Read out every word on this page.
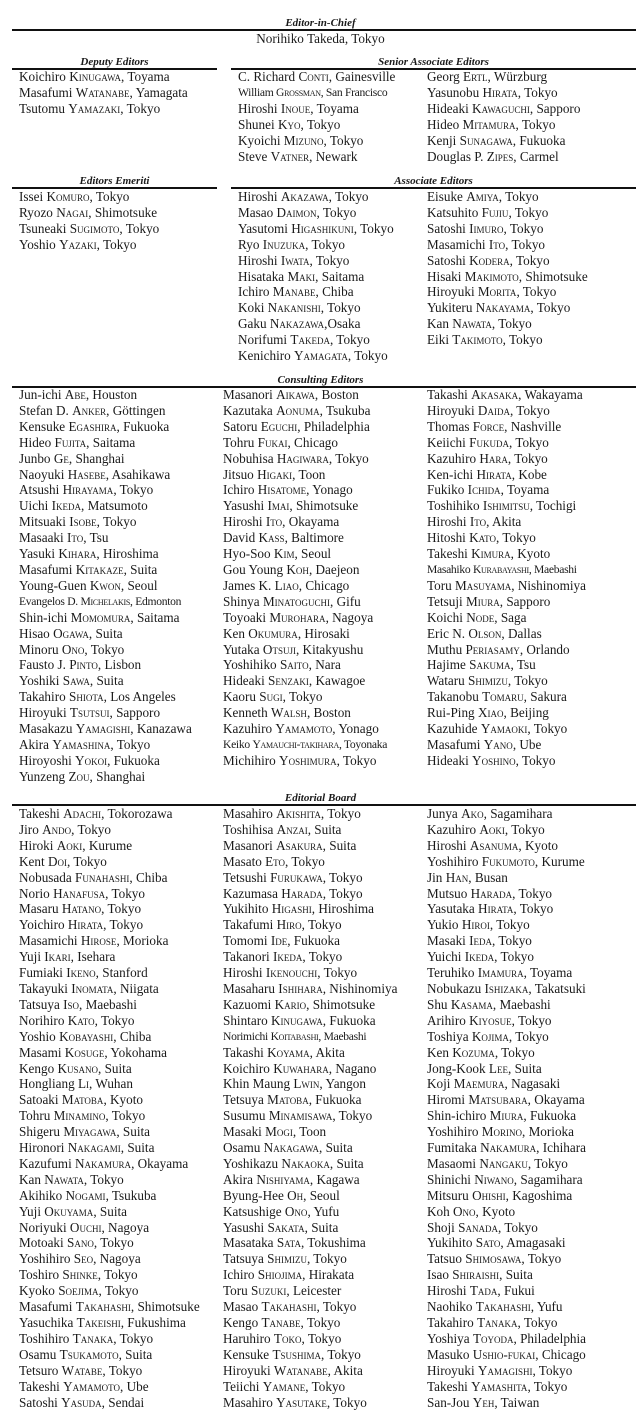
Editor-in-Chief
Norihiko Takeda, Tokyo
Deputy Editors
Koichiro Kinugawa, Toyama
Masafumi Watanabe, Yamagata
Tsutomu Yamazaki, Tokyo
Senior Associate Editors
C. Richard Conti, Gainesville
William Grossman, San Francisco
Hiroshi Inoue, Toyama
Shunei Kyo, Tokyo
Kyoichi Mizuno, Tokyo
Steve Vatner, Newark
Georg Ertl, Würzburg
Yasunobu Hirata, Tokyo
Hideaki Kawaguchi, Sapporo
Hideo Mitamura, Tokyo
Kenji Sunagawa, Fukuoka
Douglas P. Zipes, Carmel
Editors Emeriti
Issei Komuro, Tokyo
Ryozo Nagai, Shimotsuke
Tsuneaki Sugimoto, Tokyo
Yoshio Yazaki, Tokyo
Associate Editors
Hiroshi Akazawa, Tokyo
Masao Daimon, Tokyo
Yasutomi Higashikuni, Tokyo
Ryo Inuzuka, Tokyo
Hiroshi Iwata, Tokyo
Hisataka Maki, Saitama
Ichiro Manabe, Chiba
Koki Nakanishi, Tokyo
Gaku Nakazawa,Osaka
Norifumi Takeda, Tokyo
Kenichiro Yamagata, Tokyo
Eisuke Amiya, Tokyo
Katsuhito Fujiu, Tokyo
Satoshi Iimuro, Tokyo
Masamichi Ito, Tokyo
Satoshi Kodera, Tokyo
Hisaki Makimoto, Shimotsuke
Hiroyuki Morita, Tokyo
Yukiteru Nakayama, Tokyo
Kan Nawata, Tokyo
Eiki Takimoto, Tokyo
Consulting Editors
Jun-ichi Abe, Houston
Stefan D. Anker, Göttingen
Kensuke Egashira, Fukuoka
Hideo Fujita, Saitama
Junbo Ge, Shanghai
Naoyuki Hasebe, Asahikawa
Atsushi Hirayama, Tokyo
Uichi Ikeda, Matsumoto
Mitsuaki Isobe, Tokyo
Masaaki Ito, Tsu
Yasuki Kihara, Hiroshima
Masafumi Kitakaze, Suita
Young-Guen Kwon, Seoul
Evangelos D. Michelakis, Edmonton
Shin-ichi Momomura, Saitama
Hisao Ogawa, Suita
Minoru Ono, Tokyo
Fausto J. Pinto, Lisbon
Yoshiki Sawa, Suita
Takahiro Shiota, Los Angeles
Hiroyuki Tsutsui, Sapporo
Masakazu Yamagishi, Kanazawa
Akira Yamashina, Tokyo
Hiroyoshi Yokoi, Fukuoka
Yunzeng Zou, Shanghai
Masanori Aikawa, Boston
Kazutaka Aonuma, Tsukuba
Satoru Eguchi, Philadelphia
Tohru Fukai, Chicago
Nobuhisa Hagiwara, Tokyo
Jitsuo Higaki, Toon
Ichiro Hisatome, Yonago
Yasushi Imai, Shimotsuke
Hiroshi Ito, Okayama
David Kass, Baltimore
Hyo-Soo Kim, Seoul
Gou Young Koh, Daejeon
James K. Liao, Chicago
Shinya Minatoguchi, Gifu
Toyoaki Murohara, Nagoya
Ken Okumura, Hirosaki
Yutaka Otsuji, Kitakyushu
Yoshihiko Saito, Nara
Hideaki Senzaki, Kawagoe
Kaoru Sugi, Tokyo
Kenneth Walsh, Boston
Kazuhiro Yamamoto, Yonago
Keiko Yamauchi-takihara, Toyonaka
Michihiro Yoshimura, Tokyo
Takashi Akasaka, Wakayama
Hiroyuki Daida, Tokyo
Thomas Force, Nashville
Keiichi Fukuda, Tokyo
Kazuhiro Hara, Tokyo
Ken-ichi Hirata, Kobe
Fukiko Ichida, Toyama
Toshihiko Ishimitsu, Tochigi
Hiroshi Ito, Akita
Hitoshi Kato, Tokyo
Takeshi Kimura, Kyoto
Masahiko Kurabayashi, Maebashi
Toru Masuyama, Nishinomiya
Tetsuji Miura, Sapporo
Koichi Node, Saga
Eric N. Olson, Dallas
Muthu Periasamy, Orlando
Hajime Sakuma, Tsu
Wataru Shimizu, Tokyo
Takanobu Tomaru, Sakura
Rui-Ping Xiao, Beijing
Kazuhide Yamaoki, Tokyo
Masafumi Yano, Ube
Hideaki Yoshino, Tokyo
Editorial Board
Takeshi Adachi, Tokorozawa
Jiro Ando, Tokyo
Hiroki Aoki, Kurume
Kent Doi, Tokyo
Nobusada Funahashi, Chiba
Norio Hanafusa, Tokyo
Masaru Hatano, Tokyo
Yoichiro Hirata, Tokyo
Masamichi Hirose, Morioka
Yuji Ikari, Isehara
Fumiaki Ikeno, Stanford
Takayuki Inomata, Niigata
Tatsuya Iso, Maebashi
Norihiro Kato, Tokyo
Yoshio Kobayashi, Chiba
Masami Kosuge, Yokohama
Kengo Kusano, Suita
Hongliang Li, Wuhan
Satoaki Matoba, Kyoto
Tohru Minamino, Tokyo
Shigeru Miyagawa, Suita
Hironori Nakagami, Suita
Kazufumi Nakamura, Okayama
Kan Nawata, Tokyo
Akihiko Nogami, Tsukuba
Yuji Okuyama, Suita
Noriyuki Ouchi, Nagoya
Motoaki Sano, Tokyo
Yoshihiro Seo, Nagoya
Toshiro Shinke, Tokyo
Kyoko Soejima, Tokyo
Masafumi Takahashi, Shimotsuke
Yasuchika Takeishi, Fukushima
Toshihiro Tanaka, Tokyo
Osamu Tsukamoto, Suita
Tetsuro Watabe, Tokyo
Takeshi Yamamoto, Ube
Satoshi Yasuda, Sendai
Masahiro Akishita, Tokyo
Toshihisa Anzai, Suita
Masanori Asakura, Suita
Masato Eto, Tokyo
Tetsushi Furukawa, Tokyo
Kazumasa Harada, Tokyo
Yukihito Higashi, Hiroshima
Takafumi Hiro, Tokyo
Tomomi Ide, Fukuoka
Takanori Ikeda, Tokyo
Hiroshi Ikenouchi, Tokyo
Masaharu Ishihara, Nishinomiya
Kazuomi Kario, Shimotsuke
Shintaro Kinugawa, Fukuoka
Norimichi Koitabashi, Maebashi
Takashi Koyama, Akita
Koichiro Kuwahara, Nagano
Khin Maung Lwin, Yangon
Tetsuya Matoba, Fukuoka
Susumu Minamisawa, Tokyo
Masaki Mogi, Toon
Osamu Nakagawa, Suita
Yoshikazu Nakaoka, Suita
Akira Nishiyama, Kagawa
Byung-Hee Oh, Seoul
Katsushige Ono, Yufu
Yasushi Sakata, Suita
Masataka Sata, Tokushima
Tatsuya Shimizu, Tokyo
Ichiro Shiojima, Hirakata
Toru Suzuki, Leicester
Masao Takahashi, Tokyo
Kengo Tanabe, Tokyo
Haruhiro Toko, Tokyo
Kensuke Tsushima, Tokyo
Hiroyuki Watanabe, Akita
Teiichi Yamane, Tokyo
Masahiro Yasutake, Tokyo
Junya Ako, Sagamihara
Kazuhiro Aoki, Tokyo
Hiroshi Asanuma, Kyoto
Yoshihiro Fukumoto, Kurume
Jin Han, Busan
Mutsuo Harada, Tokyo
Yasutaka Hirata, Tokyo
Yukio Hiroi, Tokyo
Masaki Ieda, Tokyo
Yuichi Ikeda, Tokyo
Teruhiko Imamura, Toyama
Nobukazu Ishizaka, Takatsuki
Shu Kasama, Maebashi
Arihiro Kiyosue, Tokyo
Toshiya Kojima, Tokyo
Ken Kozuma, Tokyo
Jong-Kook Lee, Suita
Koji Maemura, Nagasaki
Hiromi Matsubara, Okayama
Shin-ichiro Miura, Fukuoka
Yoshihiro Morino, Morioka
Fumitaka Nakamura, Ichihara
Masaomi Nangaku, Tokyo
Shinichi Niwano, Sagamihara
Mitsuru Ohishi, Kagoshima
Koh Ono, Kyoto
Shoji Sanada, Tokyo
Yukihito Sato, Amagasaki
Tatsuo Shimosawa, Tokyo
Isao Shiraishi, Suita
Hiroshi Tada, Fukui
Naohiko Takahashi, Yufu
Takahiro Tanaka, Tokyo
Yoshiya Toyoda, Philadelphia
Masuko Ushio-fukai, Chicago
Hiroyuki Yamagishi, Tokyo
Takeshi Yamashita, Tokyo
San-Jou Yeh, Taiwan
